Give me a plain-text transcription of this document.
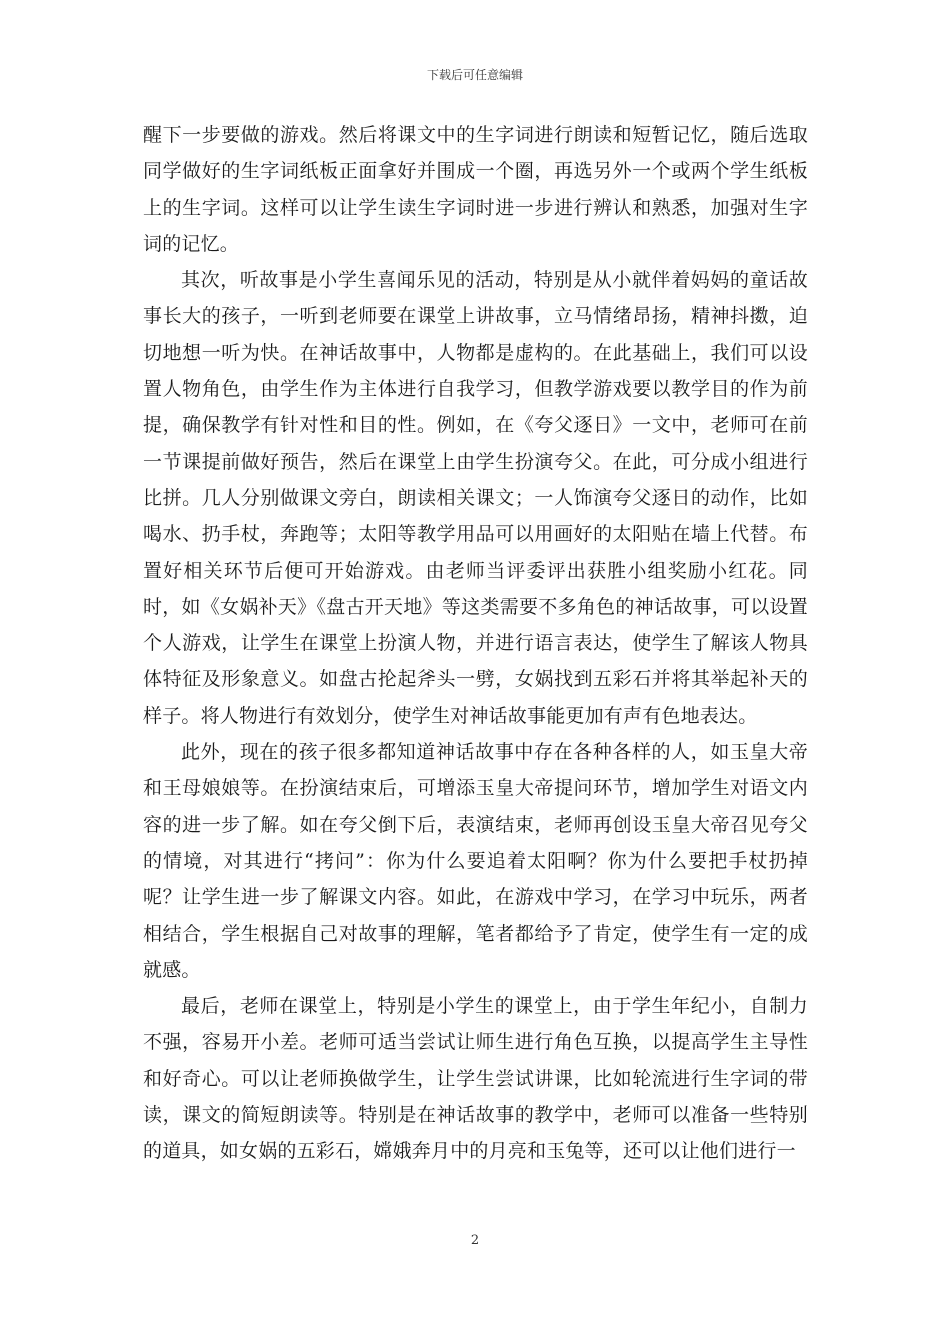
下载后可任意编辑

醒下一步要做的游戏。然后将课文中的生字词进行朗读和短暂记忆，随后选取同学做好的生字词纸板正面拿好并围成一个圈，再选另外一个或两个学生纸板上的生字词。这样可以让学生读生字词时进一步进行辨认和熟悉，加强对生字词的记忆。

其次，听故事是小学生喜闻乐见的活动，特别是从小就伴着妈妈的童话故事长大的孩子，一听到老师要在课堂上讲故事，立马情绪昂扬，精神抖擞，迫切地想一听为快。在神话故事中，人物都是虚构的。在此基础上，我们可以设置人物角色，由学生作为主体进行自我学习，但教学游戏要以教学目的作为前提，确保教学有针对性和目的性。例如，在《夸父逐日》一文中，老师可在前一节课提前做好预告，然后在课堂上由学生扮演夸父。在此，可分成小组进行比拼。几人分别做课文旁白，朗读相关课文；一人饰演夸父逐日的动作，比如喝水、扔手杖，奔跑等；太阳等教学用品可以用画好的太阳贴在墙上代替。布置好相关环节后便可开始游戏。由老师当评委评出获胜小组奖励小红花。同时，如《女娲补天》《盘古开天地》等这类需要不多角色的神话故事，可以设置个人游戏，让学生在课堂上扮演人物，并进行语言表达，使学生了解该人物具体特征及形象意义。如盘古抡起斧头一劈，女娲找到五彩石并将其举起补天的样子。将人物进行有效划分，使学生对神话故事能更加有声有色地表达。

此外，现在的孩子很多都知道神话故事中存在各种各样的人，如玉皇大帝和王母娘娘等。在扮演结束后，可增添玉皇大帝提问环节，增加学生对语文内容的进一步了解。如在夸父倒下后，表演结束，老师再创设玉皇大帝召见夸父的情境，对其进行“拷问”：你为什么要追着太阳啊？你为什么要把手杖扔掉呢？让学生进一步了解课文内容。如此，在游戏中学习，在学习中玩乐，两者相结合，学生根据自己对故事的理解，笔者都给予了肯定，使学生有一定的成就感。

最后，老师在课堂上，特别是小学生的课堂上，由于学生年纪小，自制力不强，容易开小差。老师可适当尝试让师生进行角色互换，以提高学生主导性和好奇心。可以让老师换做学生，让学生尝试讲课，比如轮流进行生字词的带读，课文的简短朗读等。特别是在神话故事的教学中，老师可以准备一些特别的道具，如女娲的五彩石，嫦娥奔月中的月亮和玉兔等，还可以让他们进行一

2
